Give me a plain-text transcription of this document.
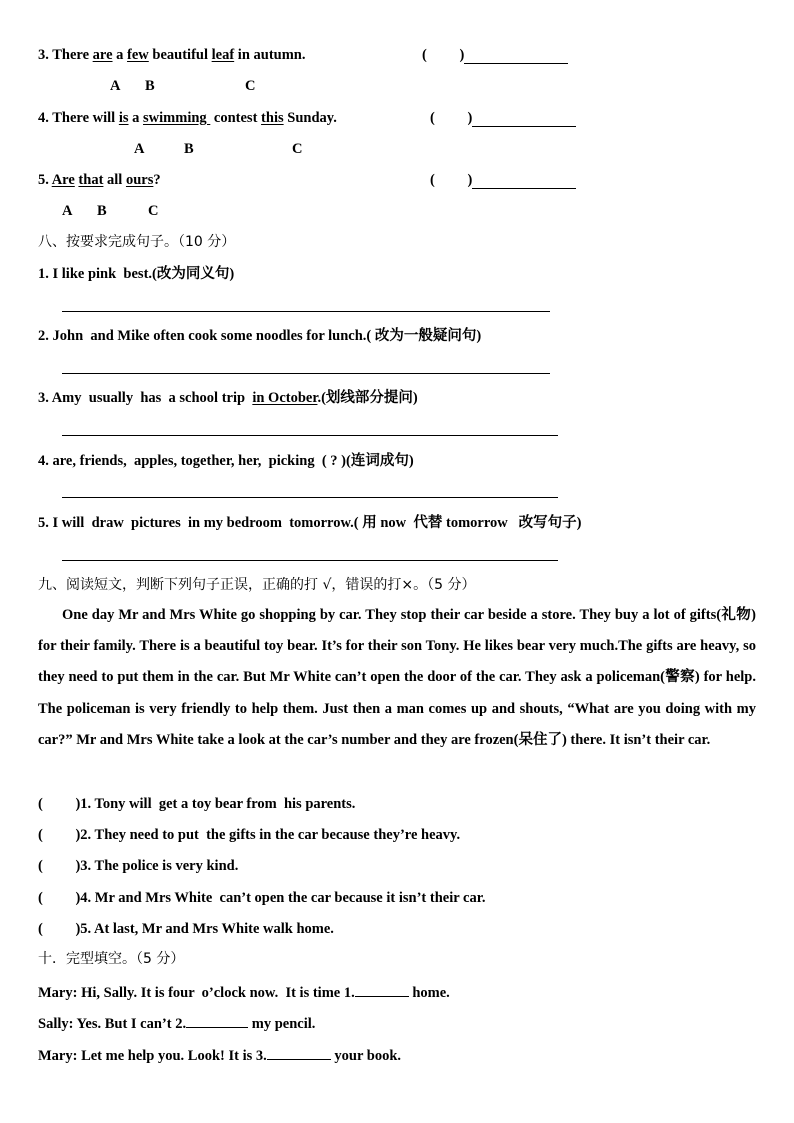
3. There are a few beautiful leaf in autumn.	(         )
A B	C
4. There will is a swimming  contest this Sunday.	(         )
A	B	C
5. Are that all ours?	(         )
A B	C
八、按要求完成句子。（10 分）
1. I like pink  best.(改为同义句)
2. John  and Mike often cook some noodles for lunch.( 改为一般疑问句)
3. Amy  usually  has  a school trip  in October.(划线部分提问)
4. are, friends,  apples, together, her,  picking  ( ? )(连词成句)
5. I will  draw  pictures  in my bedroom  tomorrow.( 用 now  代替 tomorrow   改写句子)
九、阅读短文，判断下列句子正误，正确的打 √，错误的打×。（5 分）
One day Mr and Mrs White go shopping by car. They stop their car beside a store. They buy a lot of gifts(礼物) for their family. There is a beautiful toy bear. It’s for their son Tony. He likes bear very much.The gifts are heavy, so they need to put them in the car. But Mr White can’t open the door of the car. They ask a policeman(警察) for help. The policeman is very friendly to help them. Just then a man comes up and shouts, “What are you doing with my car?” Mr and Mrs White take a look at the car’s number and they are frozen(呆住了) there. It isn’t their car.
(         )1. Tony will  get a toy bear from  his parents.
(         )2. They need to put  the gifts in the car because they’re heavy.
(         )3. The police is very kind.
(         )4. Mr and Mrs White  can’t open the car because it isn’t their car.
(         )5. At last, Mr and Mrs White walk home.
十．完型填空。（5 分）
Mary: Hi, Sally. It is four  o’clock now.  It is time 1.	home.
Sally: Yes. But I can’t 2.	my pencil.
Mary: Let me help you. Look! It is 3.	your book.
